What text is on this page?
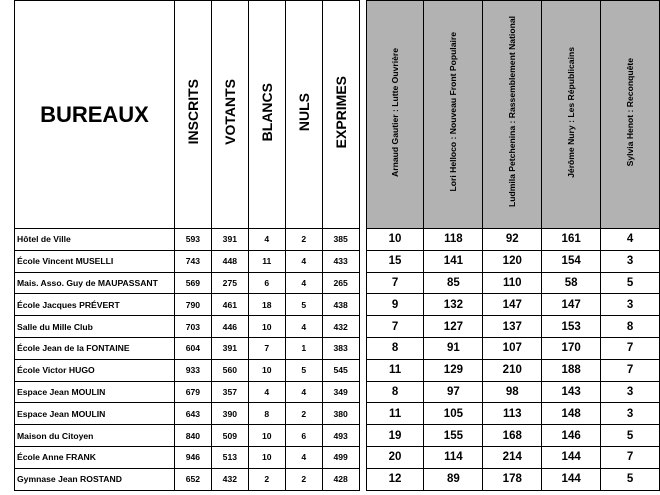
BUREAUX	INSCRITS	VOTANTS	BLANCS	NULS	EXPRIMES		Arnaud Gautier : Lutte Ouvrière	Lori Helloco : Nouveau Front Populaire	Ludmila Petchenina : Rassemblement National	Jérôme Nury : Les Républicains	Sylvia Henot : Reconquête
Hôtel de Ville	593	391	4	2	385		10	118	92	161	4
École Vincent MUSELLI	743	448	11	4	433		15	141	120	154	3
Mais. Asso. Guy de MAUPASSANT	569	275	6	4	265		7	85	110	58	5
École Jacques PRÉVERT	790	461	18	5	438		9	132	147	147	3
Salle du Mille Club	703	446	10	4	432		7	127	137	153	8
École Jean de la FONTAINE	604	391	7	1	383		8	91	107	170	7
École Victor HUGO	933	560	10	5	545		11	129	210	188	7
Espace Jean MOULIN	679	357	4	4	349		8	97	98	143	3
Espace Jean MOULIN	643	390	8	2	380		11	105	113	148	3
Maison du Citoyen	840	509	10	6	493		19	155	168	146	5
École Anne FRANK	946	513	10	4	499		20	114	214	144	7
Gymnase Jean ROSTAND	652	432	2	2	428		12	89	178	144	5
